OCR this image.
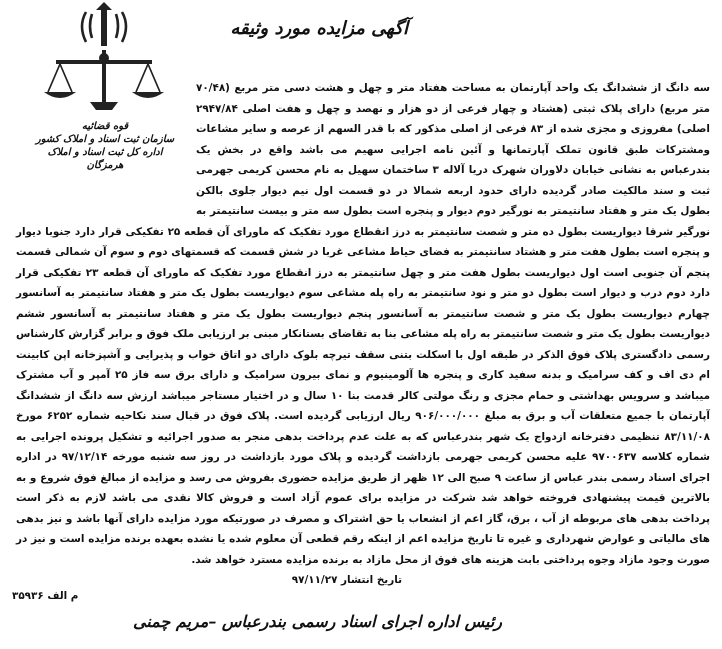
آگهی مزایده مورد وثیقه
قوه قضائیه
سازمان ثبت اسناد و املاک کشور
اداره کل ثبت اسناد و املاک هرمزگان
سه دانگ از ششدانگ یک واحد آپارتمان به مساحت هفتاد متر و چهل و هشت دسی متر مربع (۷۰/۴۸ متر مربع) دارای پلاک ثبتی (هشتاد و چهار فرعی از دو هزار و نهصد و چهل و هفت اصلی ۲۹۴۷/۸۴ اصلی) مفروزی و مجزی شده از ۸۳ فرعی از اصلی مذکور که با قدر السهم از عرصه و سایر مشاعات ومشترکات طبق قانون تملک آپارتمانها و آئین نامه اجرایی سهیم می باشد واقع در بخش یک بندرعباس به نشانی خیابان دلاوران شهرک دریا آلاله ۳ ساختمان سهیل به نام محسن کریمی جهرمی ثبت و سند مالکیت صادر گردیده دارای حدود اربعه شمالا در دو قسمت اول نیم دیوار جلوی بالکن بطول یک متر و هفتاد سانتیمتر به نورگیر دوم دیوار و پنجره است بطول سه متر و بیست سانتیمتر به نورگیر شرقا دیواریست بطول ده متر و شصت سانتیمتر به درز انقطاع مورد تفکیک که ماورای آن قطعه ۲۵ تفکیکی قرار دارد جنوبا دیوار و پنجره است بطول هفت متر و هشتاد سانتیمتر به فضای حیاط مشاعی غربا در شش قسمت که قسمتهای دوم و سوم آن شمالی قسمت پنجم آن جنوبی است اول دیواریست بطول هفت متر و چهل سانتیمتر به درز انقطاع مورد تفکیک که ماورای آن قطعه ۲۳ تفکیکی قرار دارد دوم درب و دیوار است بطول دو متر و نود سانتیمتر به راه پله مشاعی سوم دیواریست بطول یک متر و هفتاد سانتیمتر به آسانسور چهارم دیواریست بطول یک متر و شصت سانتیمتر به آسانسور پنجم دیواریست بطول یک متر و هفتاد سانتیمتر به آسانسور ششم دیواریست بطول یک متر و شصت سانتیمتر به راه پله مشاعی بنا به تقاضای بستانکار مبنی بر ارزیابی ملک فوق و برابر گزارش کارشناس رسمی دادگستری پلاک فوق الذکر در طبقه اول با اسکلت بتنی سقف تیرچه بلوک دارای دو اتاق خواب و پذیرایی و آشپزخانه اپن کابینت ام دی اف و کف سرامیک و بدنه سفید کاری و پنجره ها آلومینیوم و نمای بیرون سرامیک و دارای برق سه فاز ۲۵ آمپر و آب مشترک میباشد و سرویس بهداشتی و حمام مجزی و رنگ مولتی کالر قدمت بنا ۱۰ سال و در اختیار مستاجر میباشد ارزش سه دانگ از ششدانگ آپارتمان با جمیع متعلقات آب و برق به مبلغ ۹۰۶/۰۰۰/۰۰۰ ریال ارزیابی گردیده است. پلاک فوق در قبال سند نکاحیه شماره ۶۲۵۲ مورخ ۸۳/۱۱/۰۸ تنظیمی دفترخانه ازدواج یک شهر بندرعباس که به علت عدم پرداخت بدهی منجر به صدور اجرائیه و تشکیل پرونده اجرایی به شماره کلاسه ۹۷۰۰۶۳۷ علیه محسن کریمی جهرمی بازداشت گردیده و پلاک مورد بازداشت در روز سه شنبه مورخه ۹۷/۱۲/۱۴ در اداره اجرای اسناد رسمی بندر عباس از ساعت ۹ صبح الی ۱۲ ظهر از طریق مزایده حضوری بفروش می رسد و مزایده از مبالغ فوق شروع و به بالاترین قیمت پیشنهادی فروخته خواهد شد شرکت در مزایده برای عموم آزاد است و فروش کالا نقدی می باشد لازم به ذکر است پرداخت بدهی های مربوطه از آب ، برق، گاز اعم از انشعاب یا حق اشتراک و مصرف در صورتیکه مورد مزایده دارای آنها باشد و نیز بدهی های مالیاتی و عوارض شهرداری و غیره تا تاریخ مزایده اعم از اینکه رقم قطعی آن معلوم شده یا نشده بعهده برنده مزایده است و نیز در صورت وجود مازاد وجوه پرداختی بابت هزینه های فوق از محل مازاد به برنده مزایده مسترد خواهد شد.
تاریخ انتشار ۹۷/۱۱/۲۷
م الف ۳۵۹۳۶
رئیس اداره اجرای اسناد رسمی بندرعباس –مریم چمنی
